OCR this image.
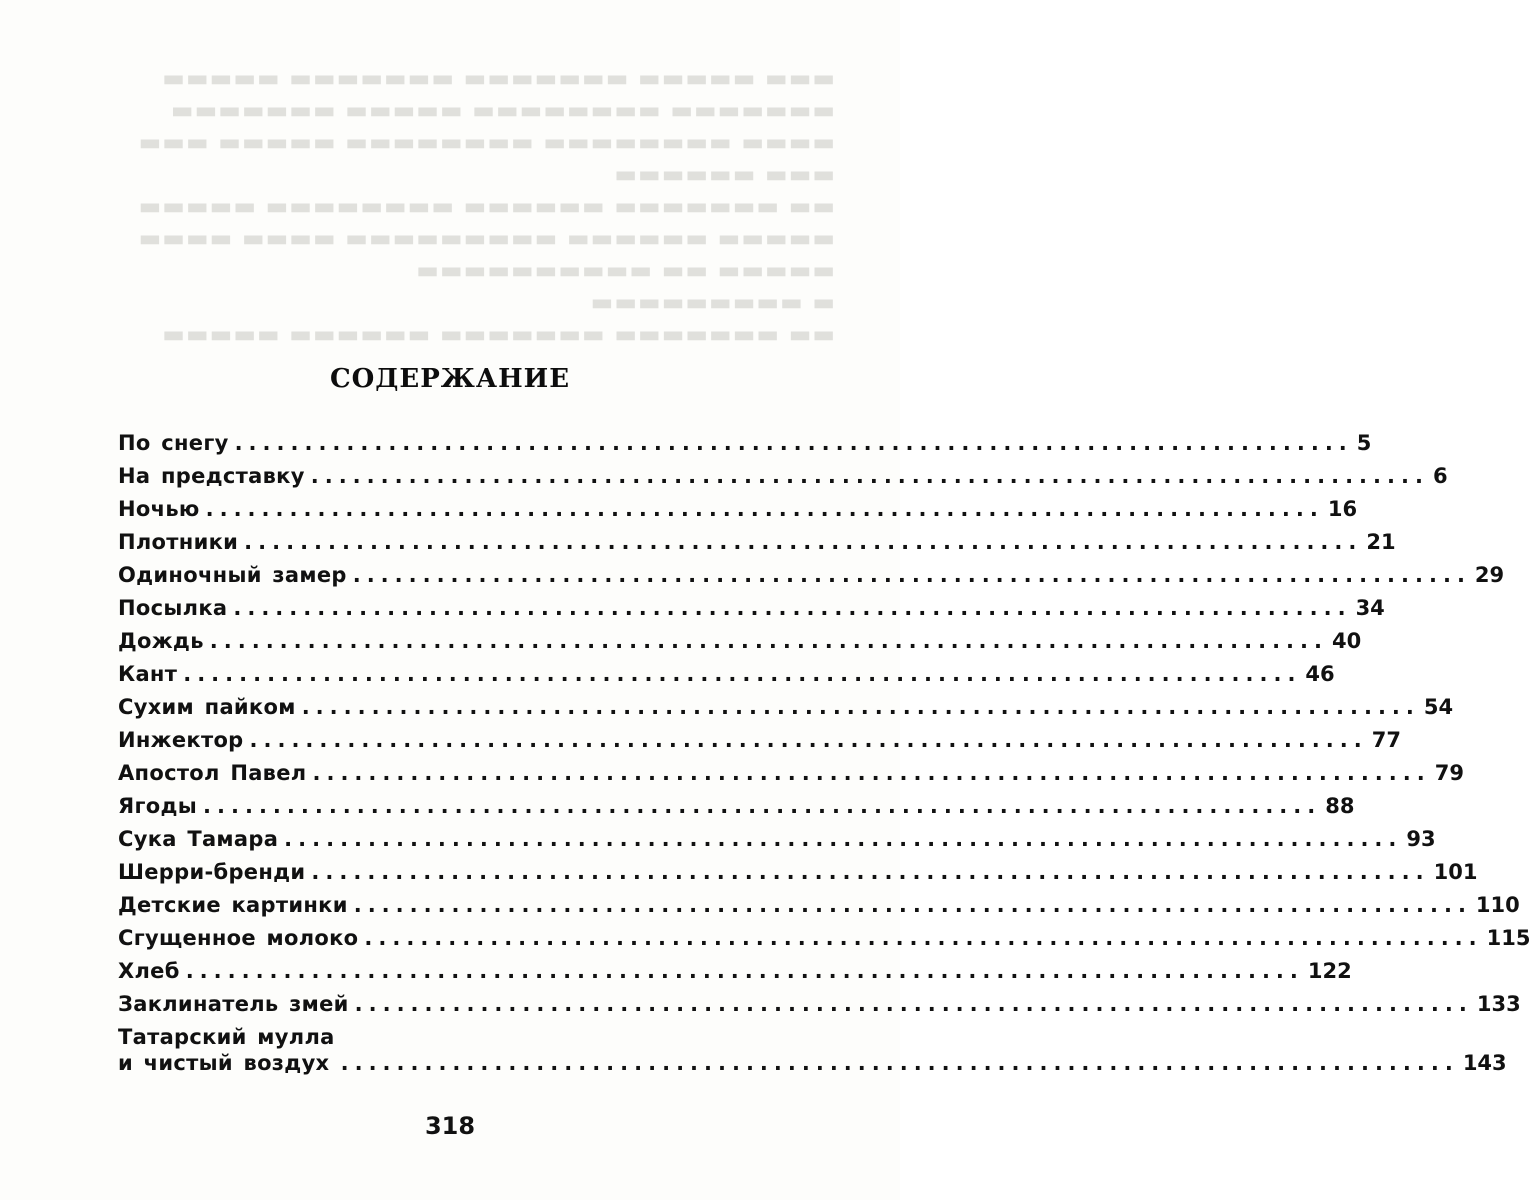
▬▬▬ ▬▬▬▬▬ ▬▬▬▬▬▬▬ ▬▬▬▬▬▬▬ ▬▬▬▬▬
▬▬▬▬▬▬▬ ▬▬▬▬▬▬▬▬ ▬▬▬▬▬ ▬▬▬▬▬▬▬
▬▬▬▬ ▬▬▬▬▬▬▬▬ ▬▬▬▬▬▬▬▬ ▬▬▬▬▬ ▬▬▬
▬▬▬ ▬▬▬▬▬▬
▬▬ ▬▬▬▬▬▬▬ ▬▬▬▬▬▬ ▬▬▬▬▬▬▬▬ ▬▬▬▬▬
▬▬▬▬▬ ▬▬▬▬▬▬ ▬▬▬▬▬▬▬▬▬ ▬▬▬▬ ▬▬▬▬
▬▬▬▬▬ ▬▬ ▬▬▬▬▬▬▬▬▬▬
▬ ▬▬▬▬▬▬▬▬▬
▬▬ ▬▬▬▬▬▬▬ ▬▬▬▬▬▬▬ ▬▬▬▬▬▬ ▬▬▬▬▬
СОДЕРЖАНИЕ
По снегу ................................................................................ 5
На представку ................................................................................ 6
Ночью ................................................................................ 16
Плотники ................................................................................ 21
Одиночный замер ................................................................................ 29
Посылка ................................................................................ 34
Дождь ................................................................................ 40
Кант ................................................................................ 46
Сухим пайком ................................................................................ 54
Инжектор ................................................................................ 77
Апостол Павел ................................................................................ 79
Ягоды ................................................................................ 88
Сука Тамара ................................................................................ 93
Шерри-бренди ................................................................................ 101
Детские картинки ................................................................................ 110
Сгущенное молоко ................................................................................ 115
Хлеб ................................................................................ 122
Заклинатель змей ................................................................................ 133
Татарский мулла
и чистый воздух ................................................................................ 143
318
